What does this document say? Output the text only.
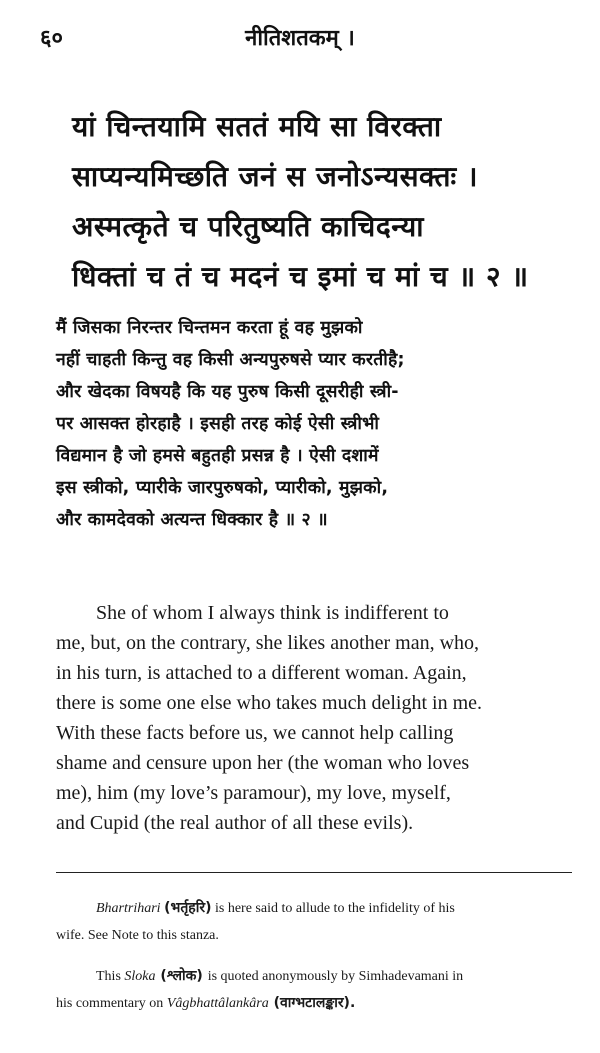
६०	नीतिशतकम् ।
यां चिन्तयामि सततं मयि सा विरक्ता
साप्यन्यमिच्छति जनं स जनोऽन्यसक्तः ।
अस्मत्कृते च परितुष्यति काचिदन्या
धिक्तां च तं च मदनं च इमां च मां च ॥ २ ॥
मैं जिसका निरन्तर चिन्तमन करता हूं वह मुझको
नहीं चाहती किन्तु वह किसी अन्यपुरुषसे प्यार करतीहै;
और खेदका विषयहै कि यह पुरुष किसी दूसरीही स्त्री-
पर आसक्त होरहाहै । इसही तरह कोई ऐसी स्त्रीभी
विद्यमान है जो हमसे बहुतही प्रसन्न है । ऐसी दशामें
इस स्त्रीको, प्यारीके जारपुरुषको, प्यारीको, मुझको,
और कामदेवको अत्यन्त धिक्कार है ॥ २ ॥
She of whom I always think is indifferent to
me, but, on the contrary, she likes another man, who,
in his turn, is attached to a different woman. Again,
there is some one else who takes much delight in me.
With these facts before us, we cannot help calling
shame and censure upon her (the woman who loves
me), him (my love’s paramour), my love, myself,
and Cupid (the real author of all these evils).
Bhartrihari (भर्तृहरि) is here said to allude to the infidelity of his
wife. See Note to this stanza.
This Sloka (श्लोक) is quoted anonymously by Simhadevamani in
his commentary on Vâgbhattâlankâra (वाग्भटालङ्कार).
